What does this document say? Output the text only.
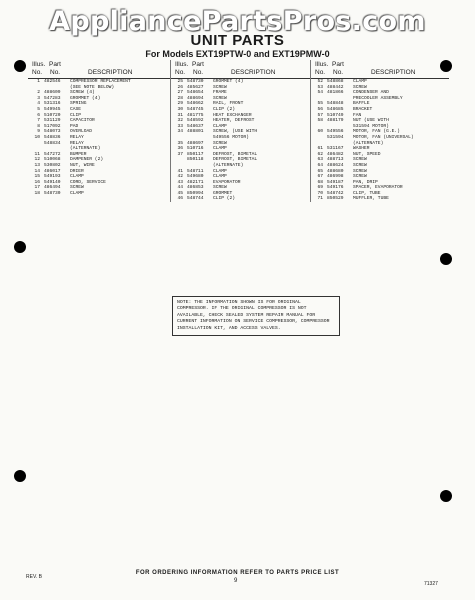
AppliancePartsPros.com
UNIT PARTS
For Models EXT19PTW-0 and EXT19PMW-0
Illus. Part
No. No.	DESCRIPTION
1 482546 COMPRESSOR REPLACEMENT
(SEE NOTE BELOW)
2 488609 SCREW (4)
3 547283 GROMMET (4)
4 531316 SPRING
5 549945 CASE
6 510720 CLIP
7 531129 CAPACITOR
8 517092 PAD
9 548073 OVERLOAD
10 548836 RELAY
548834 RELAY
(ALTERNATE)
11 547272 BUMPER
12 510068 DAMPENER (2)
13 530802 NUT, WIRE
14 486017 DRIER
15 549193 CLAMP
16 549140 CORD, SERVICE
17 486494 SCREW
18 548730 CLAMP
Illus. Part
No. No.	DESCRIPTION
25 548730 GROMMET (4)
26 485627 SCREW
27 548654 FRAME
28 488694 SCREW
29 548662 RAIL, FRONT
30 548745 CLIP (2)
31 481775 HEAT EXCHANGER
32 548592 HEATER, DEFROST
33 548637 CLAMP
34 488801 SCREW, (USE WITH
549556 MOTOR)
35 488697 SCREW
36 510716 CLAMP
37 850117 DEFROST, BIMETAL
850118 DEFROST, BIMETAL
(ALTERNATE)
41 548711 CLAMP
42 549680 CLAMP
43 482171 EVAPORATOR
44 486853 SCREW
45 850994 GROMMET
46 548744 CLIP (2)
Illus. Part
No. No.	DESCRIPTION
52 548868 CLAMP
53 488442 SCREW
54 481866 CONDENSER AND
PRECOOLER ASSEMBLY
55 548848 BAFFLE
56 548685 BRACKET
57 510749 FAN
58 488179 NUT (USE WITH
531594 MOTOR)
60 549556 MOTOR, FAN (G.E.)
531594 MOTOR, FAN (UNIVERSAL)
(ALTERNATE)
61 531167 WASHER
62 486482 NUT, SPEED
63 488713 SCREW
64 488624 SCREW
65 488680 SCREW
67 486998 SCREW
68 549187 PAN, DRIP
69 549176 SPACER, EVAPORATOR
70 548742 CLIP, TUBE
71 850529 MUFFLER, TUBE
NOTE: THE INFORMATION SHOWN IS FOR ORIGINAL COMPRESSOR. IF THE ORIGINAL COMPRESSOR IS NOT AVAILABLE, CHECK SEALED SYSTEM REPAIR MANUAL FOR CURRENT INFORMATION ON SERVICE COMPRESSOR, COMPRESSOR INSTALLATION KIT, AND ACCESS VALVES.
REV. B
FOR ORDERING INFORMATION REFER TO PARTS PRICE LIST
9	71327
